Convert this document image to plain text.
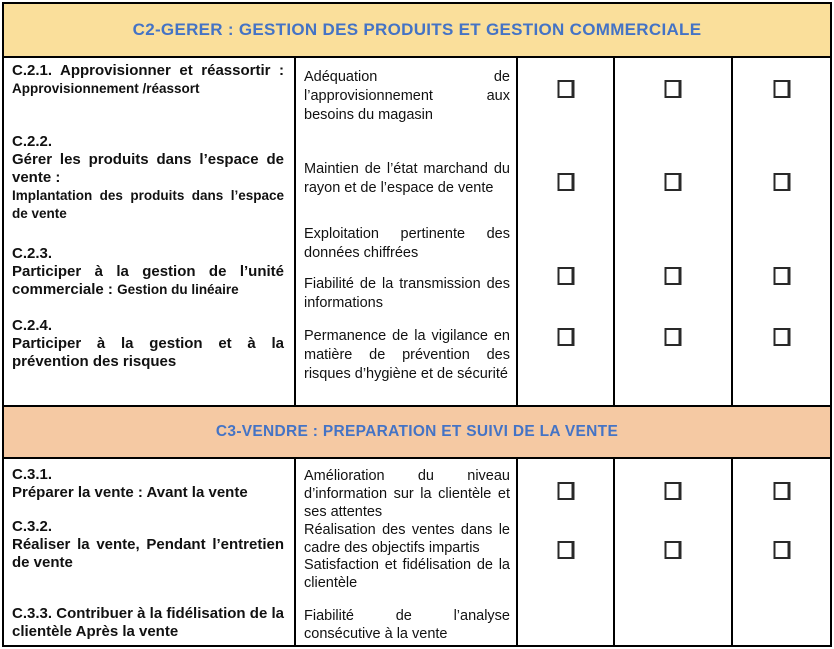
C2-GERER : GESTION DES PRODUITS ET GESTION COMMERCIALE

C.2.1. Approvisionner et réassortir : Approvisionnement /réassort

C.2.2.
Gérer les produits dans l’espace de vente :
Implantation des produits dans l’espace de vente

C.2.3.
Participer à la gestion de l’unité commerciale : Gestion du linéaire

C.2.4.
Participer à la gestion et à la prévention des risques

Adéquation de l’approvisionnement aux besoins du magasin

Maintien de l’état marchand du rayon et de l’espace de vente

Exploitation pertinente des données chiffrées

Fiabilité de la transmission des informations

Permanence de la vigilance en matière de prévention des risques d’hygiène et de sécurité

C3-VENDRE : PREPARATION ET SUIVI DE LA VENTE

C.3.1.
Préparer la vente : Avant la vente

C.3.2.
Réaliser la vente, Pendant l’entretien de vente

C.3.3. Contribuer à la fidélisation de la clientèle Après la vente

Amélioration du niveau d’information sur la clientèle et ses attentes

Réalisation des ventes dans le cadre des objectifs impartis

Satisfaction et fidélisation de la clientèle

Fiabilité de l’analyse consécutive à la vente
